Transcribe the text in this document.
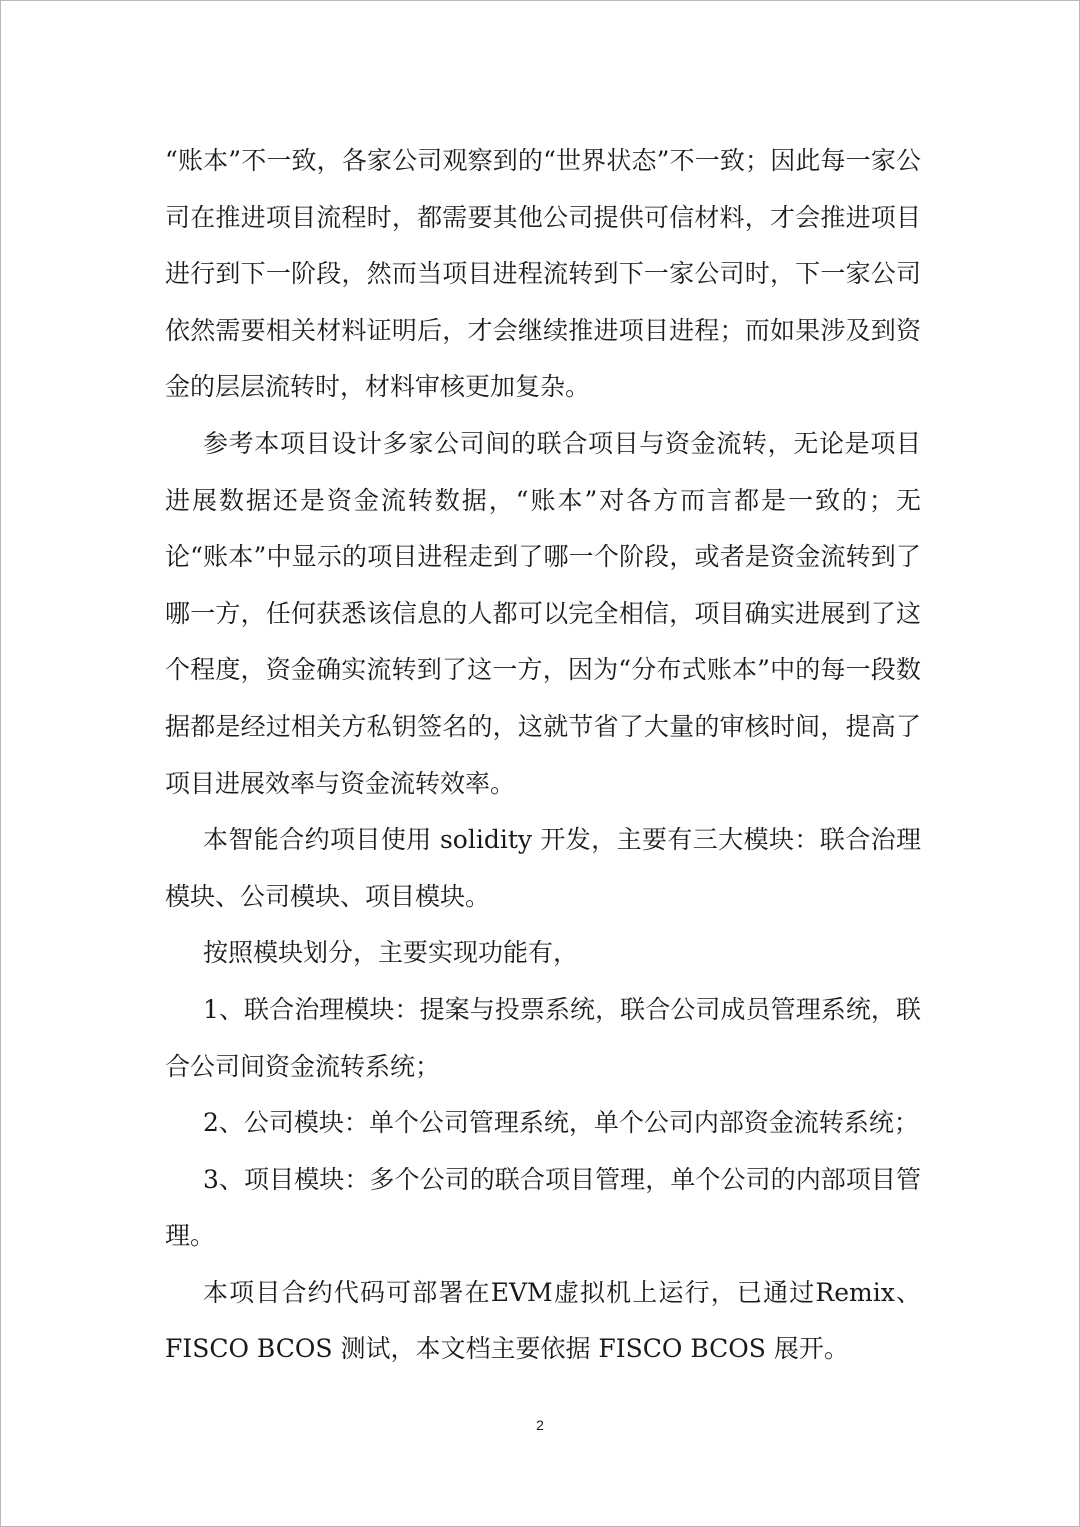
“账本”不一致，各家公司观察到的“世界状态”不一致；因此每一家公司在推进项目流程时，都需要其他公司提供可信材料，才会推进项目进行到下一阶段，然而当项目进程流转到下一家公司时，下一家公司依然需要相关材料证明后，才会继续推进项目进程；而如果涉及到资金的层层流转时，材料审核更加复杂。

参考本项目设计多家公司间的联合项目与资金流转，无论是项目进展数据还是资金流转数据，“账本”对各方而言都是一致的；无论“账本”中显示的项目进程走到了哪一个阶段，或者是资金流转到了哪一方，任何获悉该信息的人都可以完全相信，项目确实进展到了这个程度，资金确实流转到了这一方，因为“分布式账本”中的每一段数据都是经过相关方私钥签名的，这就节省了大量的审核时间，提高了项目进展效率与资金流转效率。

本智能合约项目使用 solidity 开发，主要有三大模块：联合治理模块、公司模块、项目模块。

按照模块划分，主要实现功能有，

1、联合治理模块：提案与投票系统，联合公司成员管理系统，联合公司间资金流转系统；

2、公司模块：单个公司管理系统，单个公司内部资金流转系统；

3、项目模块：多个公司的联合项目管理，单个公司的内部项目管理。

本项目合约代码可部署在EVM虚拟机上运行，已通过Remix、FISCO BCOS 测试，本文档主要依据 FISCO BCOS 展开。

2
